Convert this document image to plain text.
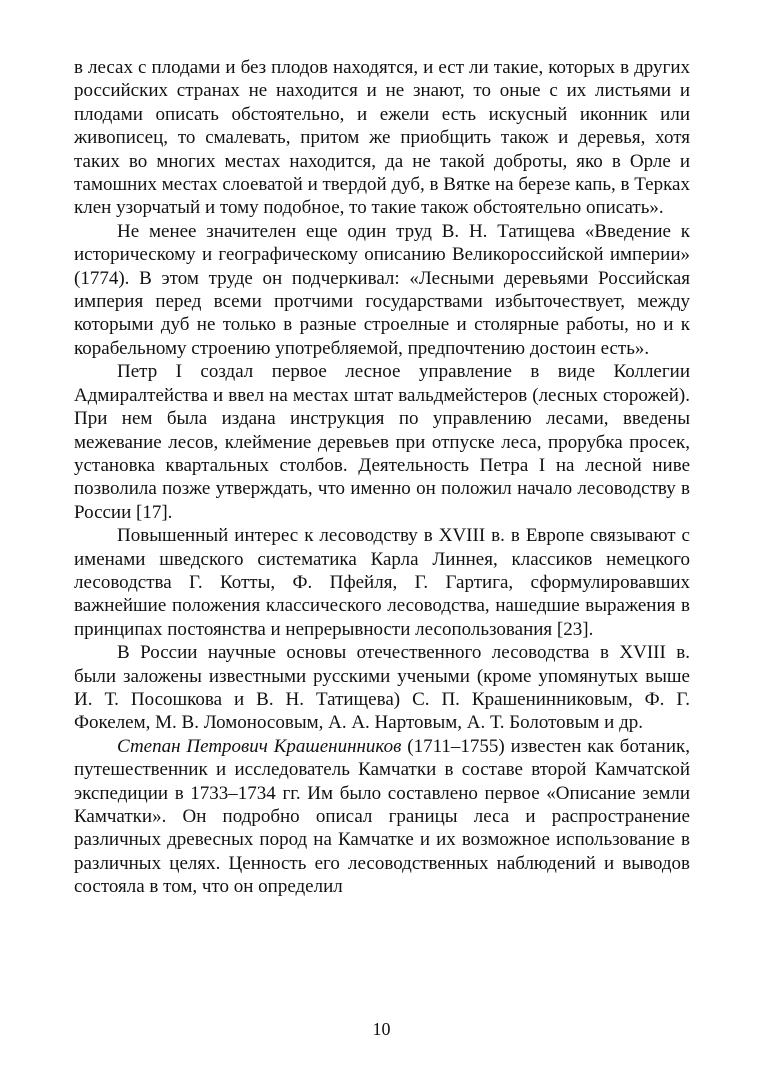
в лесах с плодами и без плодов находятся, и ест ли такие, которых в других российских странах не находится и не знают, то оные с их листьями и плодами описать обстоятельно, и ежели есть искусный иконник или живописец, то смалевать, притом же приобщить також и деревья, хотя таких во многих местах находится, да не такой доброты, яко в Орле и тамошних местах слоеватой и твердой дуб, в Вятке на березе капь, в Терках клен узорчатый и тому подобное, то такие також обстоятельно описать».

Не менее значителен еще один труд В. Н. Татищева «Введение к историческому и географическому описанию Великороссийской империи» (1774). В этом труде он подчеркивал: «Лесными деревьями Российская империя перед всеми протчими государствами избыточествует, между которыми дуб не только в разные строелные и столярные работы, но и к корабельному строению употребляемой, предпочтению достоин есть».

Петр I создал первое лесное управление в виде Коллегии Адмиралтейства и ввел на местах штат вальдмейстеров (лесных сторожей). При нем была издана инструкция по управлению лесами, введены межевание лесов, клеймение деревьев при отпуске леса, прорубка просек, установка квартальных столбов. Деятельность Петра I на лесной ниве позволила позже утверждать, что именно он положил начало лесоводству в России [17].

Повышенный интерес к лесоводству в XVIII в. в Европе связывают с именами шведского систематика Карла Линнея, классиков немецкого лесоводства Г. Котты, Ф. Пфейля, Г. Гартига, сформулировавших важнейшие положения классического лесоводства, нашедшие выражения в принципах постоянства и непрерывности лесопользования [23].

В России научные основы отечественного лесоводства в XVIII в. были заложены известными русскими учеными (кроме упомянутых выше И. Т. Посошкова и В. Н. Татищева) С. П. Крашенинниковым, Ф. Г. Фокелем, М. В. Ломоносовым, А. А. Нартовым, А. Т. Болотовым и др.

Степан Петрович Крашенинников (1711–1755) известен как ботаник, путешественник и исследователь Камчатки в составе второй Камчатской экспедиции в 1733–1734 гг. Им было составлено первое «Описание земли Камчатки». Он подробно описал границы леса и распространение различных древесных пород на Камчатке и их возможное использование в различных целях. Ценность его лесоводственных наблюдений и выводов состояла в том, что он определил

10
